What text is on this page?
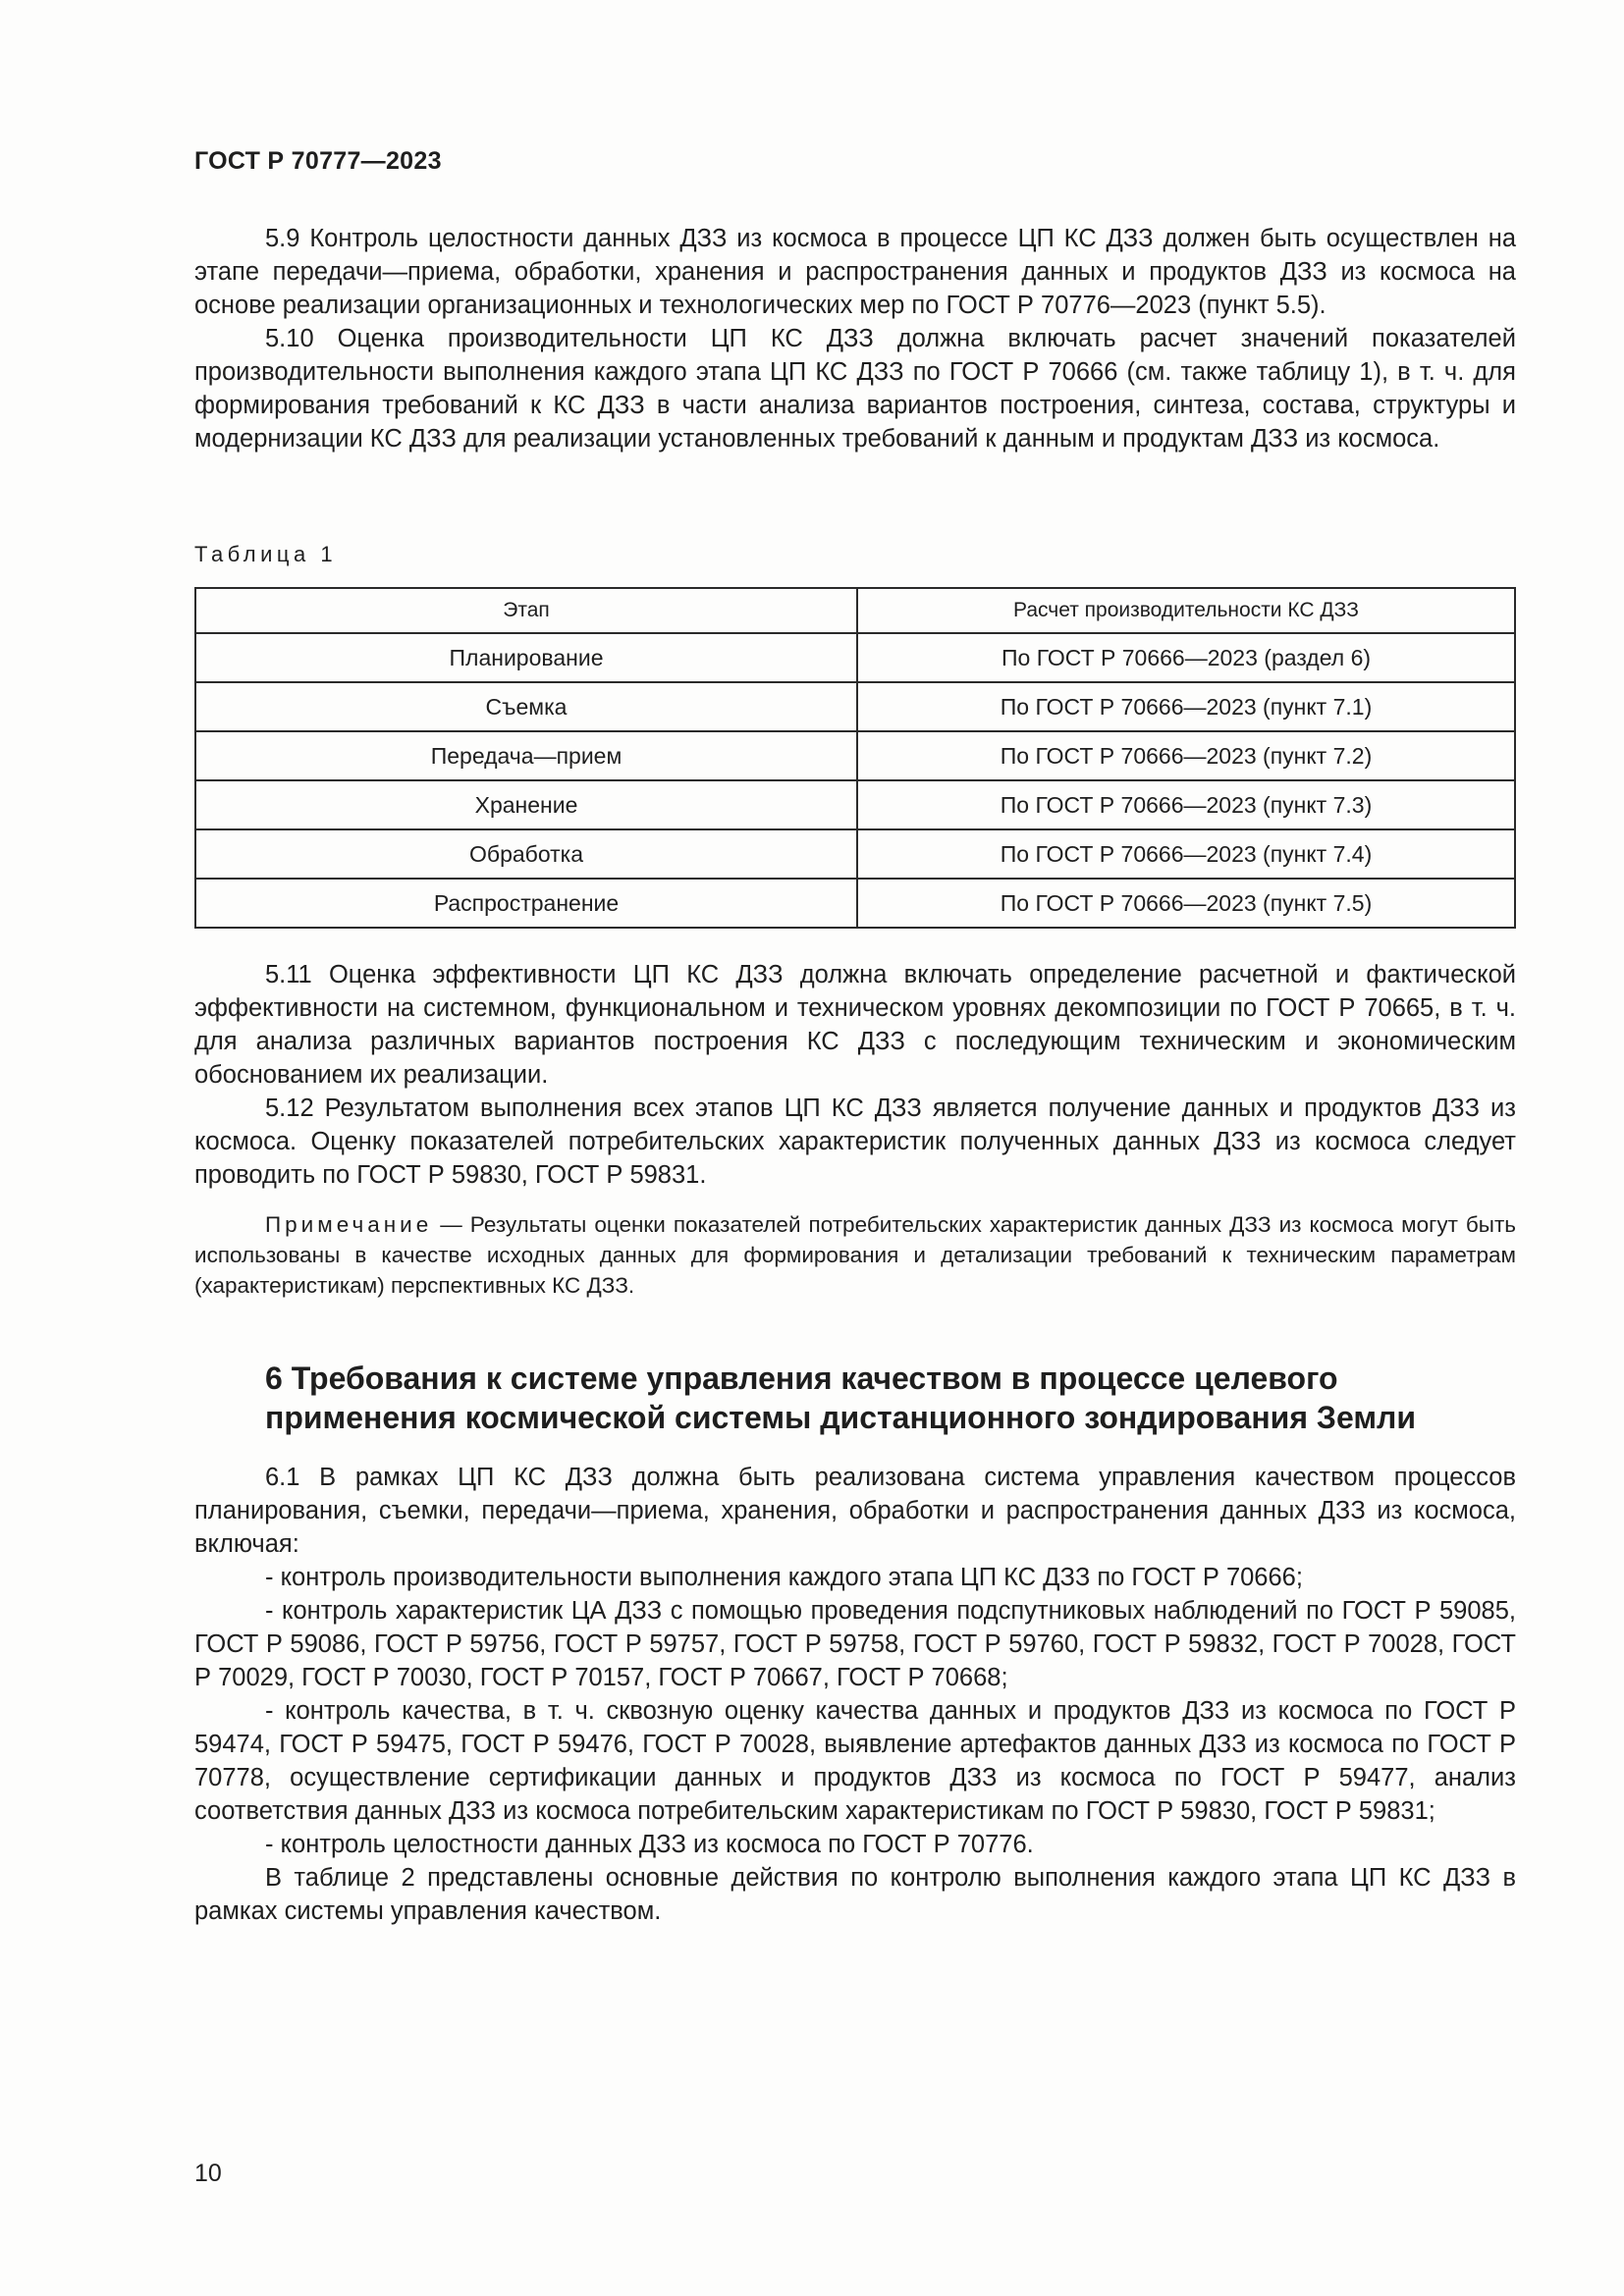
ГОСТ Р 70777—2023

5.9 Контроль целостности данных ДЗЗ из космоса в процессе ЦП КС ДЗЗ должен быть осуществлен на этапе передачи—приема, обработки, хранения и распространения данных и продуктов ДЗЗ из космоса на основе реализации организационных и технологических мер по ГОСТ Р 70776—2023 (пункт 5.5).

5.10 Оценка производительности ЦП КС ДЗЗ должна включать расчет значений показателей производительности выполнения каждого этапа ЦП КС ДЗЗ по ГОСТ Р 70666 (см. также таблицу 1), в т. ч. для формирования требований к КС ДЗЗ в части анализа вариантов построения, синтеза, состава, структуры и модернизации КС ДЗЗ для реализации установленных требований к данным и продуктам ДЗЗ из космоса.

Таблица 1
Этап	Расчет производительности КС ДЗЗ
Планирование	По ГОСТ Р 70666—2023 (раздел 6)
Съемка	По ГОСТ Р 70666—2023 (пункт 7.1)
Передача—прием	По ГОСТ Р 70666—2023 (пункт 7.2)
Хранение	По ГОСТ Р 70666—2023 (пункт 7.3)
Обработка	По ГОСТ Р 70666—2023 (пункт 7.4)
Распространение	По ГОСТ Р 70666—2023 (пункт 7.5)

5.11 Оценка эффективности ЦП КС ДЗЗ должна включать определение расчетной и фактической эффективности на системном, функциональном и техническом уровнях декомпозиции по ГОСТ Р 70665, в т. ч. для анализа различных вариантов построения КС ДЗЗ с последующим техническим и экономическим обоснованием их реализации.

5.12 Результатом выполнения всех этапов ЦП КС ДЗЗ является получение данных и продуктов ДЗЗ из космоса. Оценку показателей потребительских характеристик полученных данных ДЗЗ из космоса следует проводить по ГОСТ Р 59830, ГОСТ Р 59831.

Примечание — Результаты оценки показателей потребительских характеристик данных ДЗЗ из космоса могут быть использованы в качестве исходных данных для формирования и детализации требований к техническим параметрам (характеристикам) перспективных КС ДЗЗ.

6 Требования к системе управления качеством в процессе целевого применения космической системы дистанционного зондирования Земли

6.1 В рамках ЦП КС ДЗЗ должна быть реализована система управления качеством процессов планирования, съемки, передачи—приема, хранения, обработки и распространения данных ДЗЗ из космоса, включая:

- контроль производительности выполнения каждого этапа ЦП КС ДЗЗ по ГОСТ Р 70666;

- контроль характеристик ЦА ДЗЗ с помощью проведения подспутниковых наблюдений по ГОСТ Р 59085, ГОСТ Р 59086, ГОСТ Р 59756, ГОСТ Р 59757, ГОСТ Р 59758, ГОСТ Р 59760, ГОСТ Р 59832, ГОСТ Р 70028, ГОСТ Р 70029, ГОСТ Р 70030, ГОСТ Р 70157, ГОСТ Р 70667, ГОСТ Р 70668;

- контроль качества, в т. ч. сквозную оценку качества данных и продуктов ДЗЗ из космоса по ГОСТ Р 59474, ГОСТ Р 59475, ГОСТ Р 59476, ГОСТ Р 70028, выявление артефактов данных ДЗЗ из космоса по ГОСТ Р 70778, осуществление сертификации данных и продуктов ДЗЗ из космоса по ГОСТ Р 59477, анализ соответствия данных ДЗЗ из космоса потребительским характеристикам по ГОСТ Р 59830, ГОСТ Р 59831;

- контроль целостности данных ДЗЗ из космоса по ГОСТ Р 70776.

В таблице 2 представлены основные действия по контролю выполнения каждого этапа ЦП КС ДЗЗ в рамках системы управления качеством.

10
